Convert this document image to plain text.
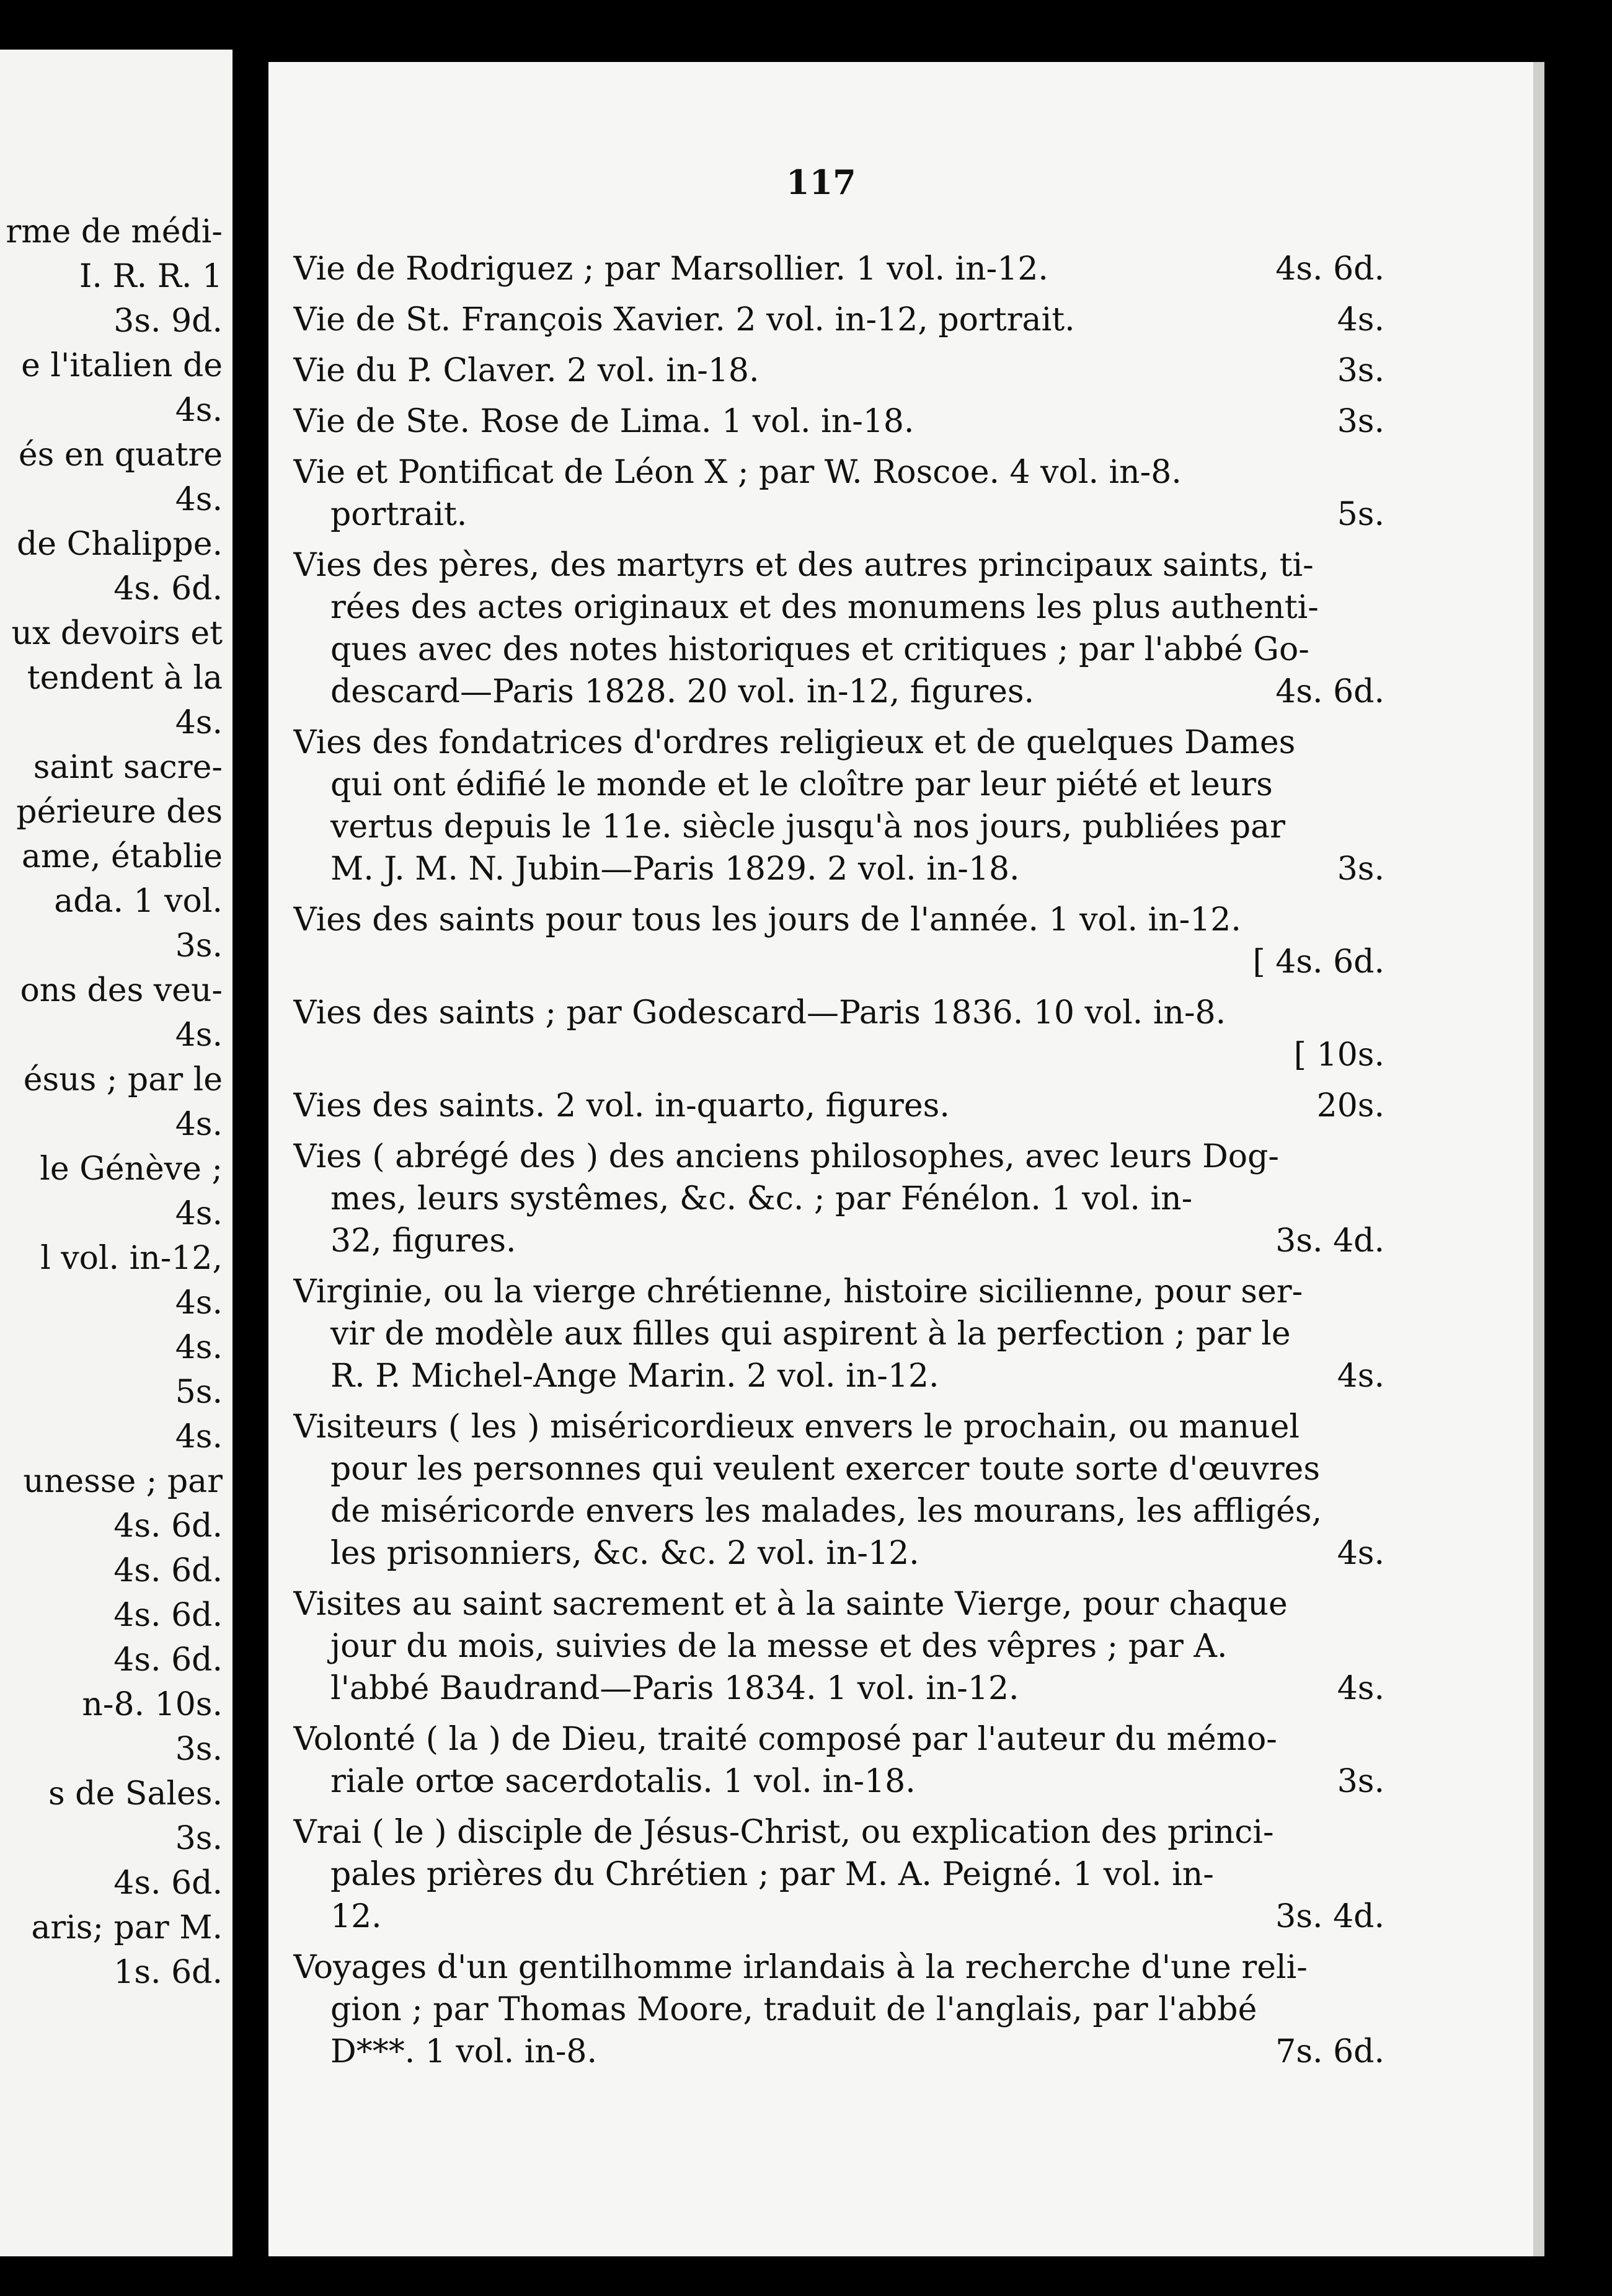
rme de médi-
I. R. R. 1
3s. 9d.
e l'italien de
4s.
és en quatre
4s.
de Chalippe.
4s. 6d.
ux devoirs et
tendent à la
4s.
saint sacre-
périeure des
ame, établie
ada. 1 vol.
3s.
ons des veu-
4s.
ésus ; par le
4s.
le Génève ;
4s.
l vol. in-12,
4s.
4s.
5s.
4s.
unesse ; par
4s. 6d.
4s. 6d.
4s. 6d.
4s. 6d.
n-8. 10s.
3s.
s de Sales.
3s.
4s. 6d.
aris; par M.
1s. 6d.
117
Vie de Rodriguez ; par Marsollier. 1 vol. in-12.	4s. 6d.
Vie de St. François Xavier. 2 vol. in-12, portrait.	4s.
Vie du P. Claver. 2 vol. in-18.	3s.
Vie de Ste. Rose de Lima. 1 vol. in-18.	3s.
Vie et Pontificat de Léon X ; par W. Roscoe. 4 vol. in-8.
portrait.	5s.
Vies des pères, des martyrs et des autres principaux saints, ti-
rées des actes originaux et des monumens les plus authenti-
ques avec des notes historiques et critiques ; par l'abbé Go-
descard—Paris 1828. 20 vol. in-12, figures.	4s. 6d.
Vies des fondatrices d'ordres religieux et de quelques Dames
qui ont édifié le monde et le cloître par leur piété et leurs
vertus depuis le 11e. siècle jusqu'à nos jours, publiées par
M. J. M. N. Jubin—Paris 1829. 2 vol. in-18.	3s.
Vies des saints pour tous les jours de l'année. 1 vol. in-12.
[ 4s. 6d.
Vies des saints ; par Godescard—Paris 1836. 10 vol. in-8.
[ 10s.
Vies des saints. 2 vol. in-quarto, figures.	20s.
Vies ( abrégé des ) des anciens philosophes, avec leurs Dog-
mes, leurs systêmes, &c. &c. ; par Fénélon. 1 vol. in-
32, figures.	3s. 4d.
Virginie, ou la vierge chrétienne, histoire sicilienne, pour ser-
vir de modèle aux filles qui aspirent à la perfection ; par le
R. P. Michel-Ange Marin. 2 vol. in-12.	4s.
Visiteurs ( les ) miséricordieux envers le prochain, ou manuel
pour les personnes qui veulent exercer toute sorte d'œuvres
de miséricorde envers les malades, les mourans, les affligés,
les prisonniers, &c. &c. 2 vol. in-12.	4s.
Visites au saint sacrement et à la sainte Vierge, pour chaque
jour du mois, suivies de la messe et des vêpres ; par A.
l'abbé Baudrand—Paris 1834. 1 vol. in-12.	4s.
Volonté ( la ) de Dieu, traité composé par l'auteur du mémo-
riale ortœ sacerdotalis. 1 vol. in-18.	3s.
Vrai ( le ) disciple de Jésus-Christ, ou explication des princi-
pales prières du Chrétien ; par M. A. Peigné. 1 vol. in-
12.	3s. 4d.
Voyages d'un gentilhomme irlandais à la recherche d'une reli-
gion ; par Thomas Moore, traduit de l'anglais, par l'abbé
D***. 1 vol. in-8.	7s. 6d.
